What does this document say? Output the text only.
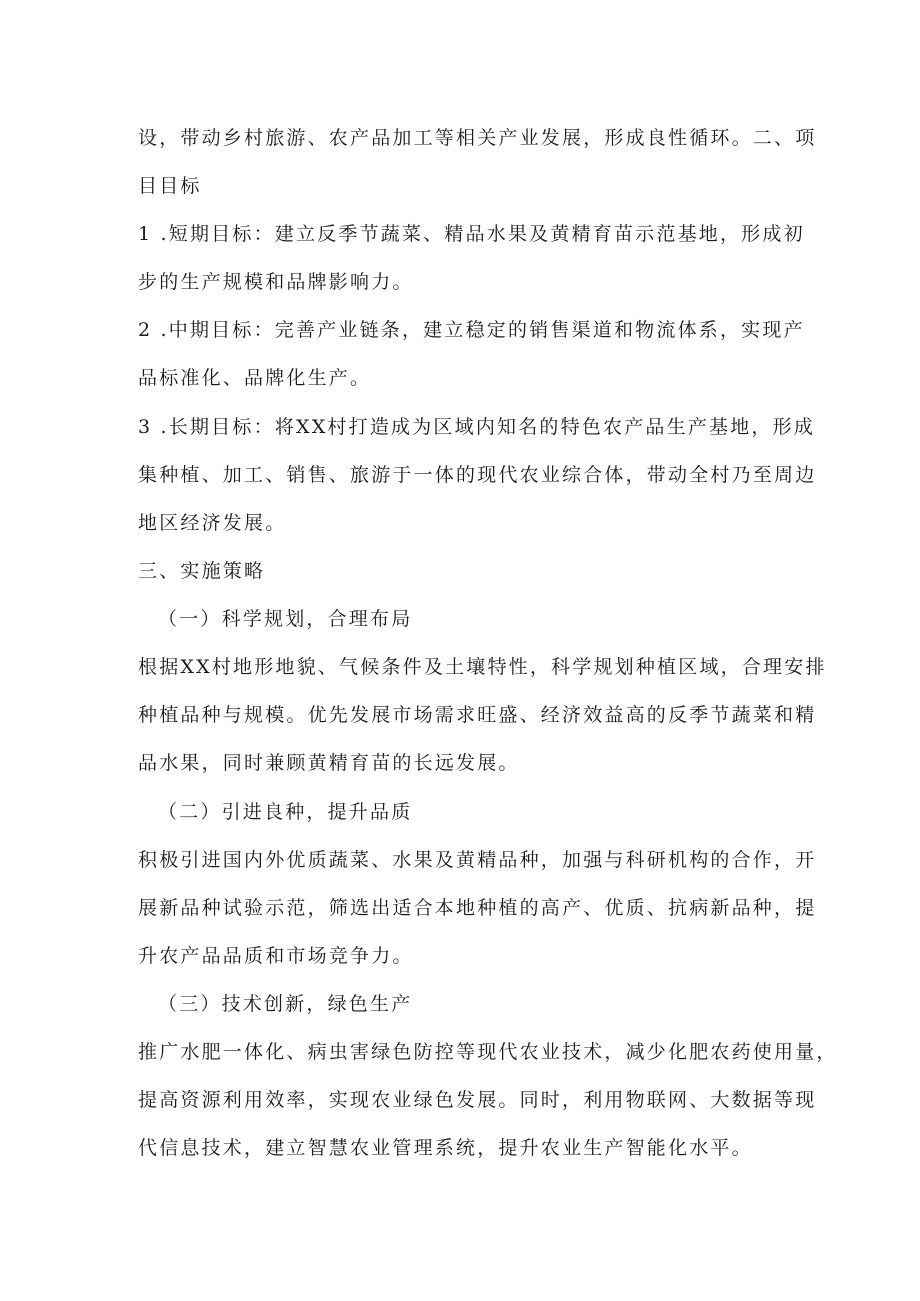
设，带动乡村旅游、农产品加工等相关产业发展，形成良性循环。二、项
目目标
1 .短期目标：建立反季节蔬菜、精品水果及黄精育苗示范基地，形成初
步的生产规模和品牌影响力。
2 .中期目标：完善产业链条，建立稳定的销售渠道和物流体系，实现产
品标准化、品牌化生产。
3 .长期目标：将XX村打造成为区域内知名的特色农产品生产基地，形成
集种植、加工、销售、旅游于一体的现代农业综合体，带动全村乃至周边
地区经济发展。
三、实施策略
（一）科学规划，合理布局
根据XX村地形地貌、气候条件及土壤特性，科学规划种植区域，合理安排
种植品种与规模。优先发展市场需求旺盛、经济效益高的反季节蔬菜和精
品水果，同时兼顾黄精育苗的长远发展。
（二）引进良种，提升品质
积极引进国内外优质蔬菜、水果及黄精品种，加强与科研机构的合作，开
展新品种试验示范，筛选出适合本地种植的高产、优质、抗病新品种，提
升农产品品质和市场竞争力。
（三）技术创新，绿色生产
推广水肥一体化、病虫害绿色防控等现代农业技术，减少化肥农药使用量，
提高资源利用效率，实现农业绿色发展。同时，利用物联网、大数据等现
代信息技术，建立智慧农业管理系统，提升农业生产智能化水平。
